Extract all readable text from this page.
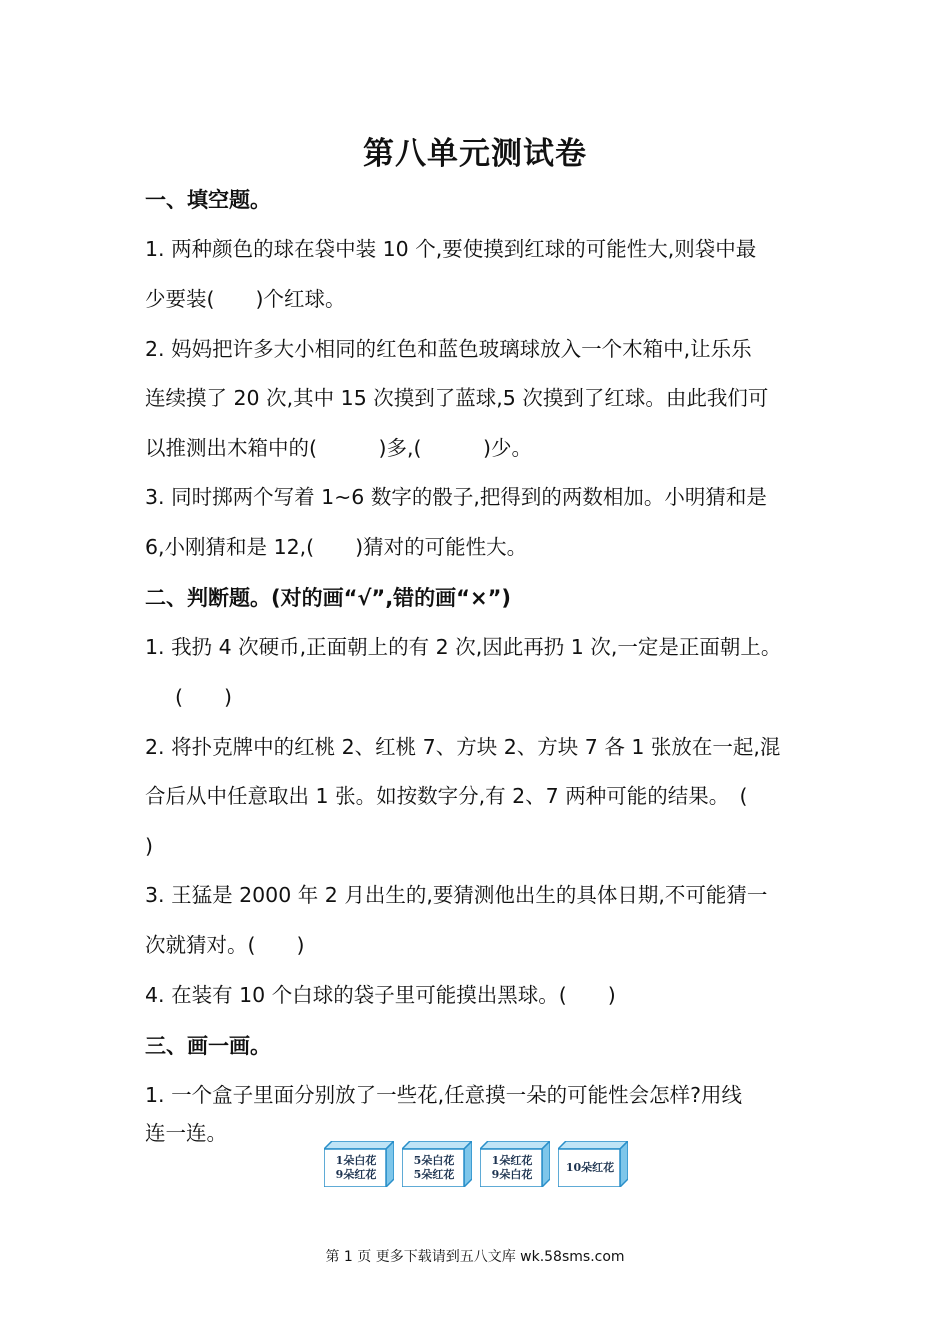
第八单元测试卷
一、填空题。
1. 两种颜色的球在袋中装 10 个,要使摸到红球的可能性大,则袋中最
少要装(　　)个红球。
2. 妈妈把许多大小相同的红色和蓝色玻璃球放入一个木箱中,让乐乐
连续摸了 20 次,其中 15 次摸到了蓝球,5 次摸到了红球。由此我们可
以推测出木箱中的(　　　)多,(　　　)少。
3. 同时掷两个写着 1~6 数字的骰子,把得到的两数相加。小明猜和是
6,小刚猜和是 12,(　　)猜对的可能性大。
二、判断题。(对的画“√”,错的画“×”)
1. 我扔 4 次硬币,正面朝上的有 2 次,因此再扔 1 次,一定是正面朝上。
(　　)
2. 将扑克牌中的红桃 2、红桃 7、方块 2、方块 7 各 1 张放在一起,混
合后从中任意取出 1 张。如按数字分,有 2、7 两种可能的结果。　(
)
3. 王猛是 2000 年 2 月出生的,要猜测他出生的具体日期,不可能猜一
次就猜对。(　　)
4. 在装有 10 个白球的袋子里可能摸出黑球。(　　)
三、画一画。
1. 一个盒子里面分别放了一些花,任意摸一朵的可能性会怎样?用线
连一连。
1朵白花
9朵红花
5朵白花
5朵红花
1朵红花
9朵白花
10朵红花
第 1 页 更多下载请到五八文库 wk.58sms.com
